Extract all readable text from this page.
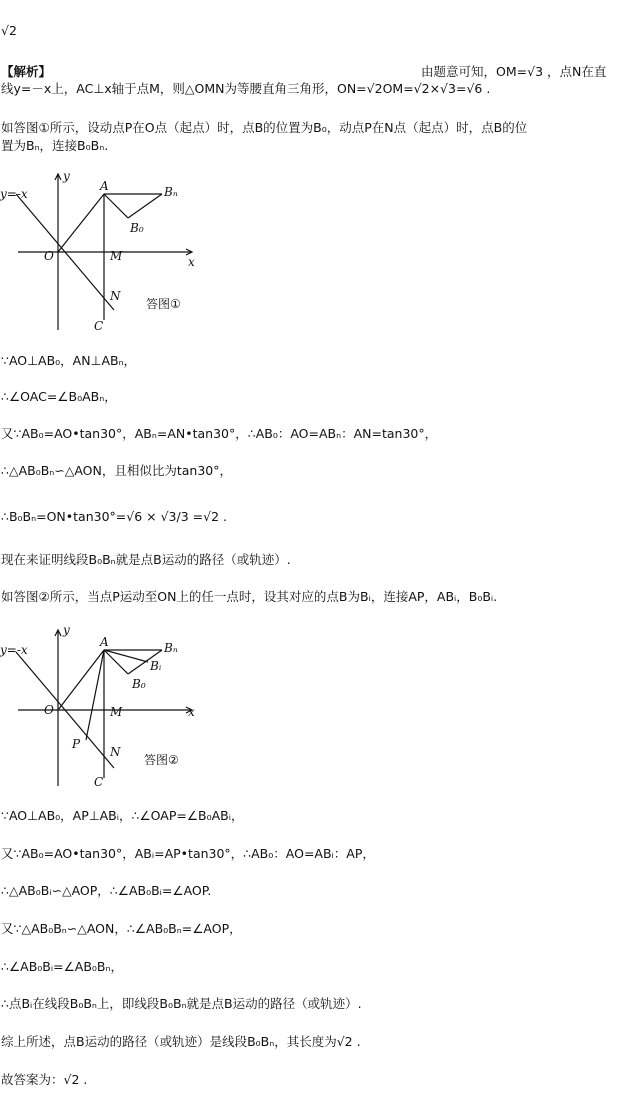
√2
【解析】	由题意可知，OM=√3 ，点N在直
线y=－x上，AC⊥x轴于点M，则△OMN为等腰直角三角形，ON=√2OM=√2×√3=√6 .
如答图①所示，设动点P在O点（起点）时，点B的位置为B₀，动点P在N点（起点）时，点B的位
置为Bₙ，连接B₀Bₙ.
y=-x
y
x
O
A	Bₙ
B₀
M
N
C
答图①
∵AO⊥AB₀，AN⊥ABₙ，
∴∠OAC=∠B₀ABₙ，
又∵AB₀=AO•tan30°，ABₙ=AN•tan30°，∴AB₀：AO=ABₙ：AN=tan30°，
∴△AB₀Bₙ∽△AON，且相似比为tan30°，
∴B₀Bₙ=ON•tan30°=√6 × √3/3 =√2 .
现在来证明线段B₀Bₙ就是点B运动的路径（或轨迹）.
如答图②所示，当点P运动至ON上的任一点时，设其对应的点B为Bᵢ，连接AP，ABᵢ，B₀Bᵢ.
y=-x
y
x
O
A	Bₙ
Bᵢ
B₀
M
P
N
C
答图②
∵AO⊥AB₀，AP⊥ABᵢ，∴∠OAP=∠B₀ABᵢ，
又∵AB₀=AO•tan30°，ABᵢ=AP•tan30°，∴AB₀：AO=ABᵢ：AP，
∴△AB₀Bᵢ∽△AOP，∴∠AB₀Bᵢ=∠AOP.
又∵△AB₀Bₙ∽△AON，∴∠AB₀Bₙ=∠AOP，
∴∠AB₀Bᵢ=∠AB₀Bₙ，
∴点Bᵢ在线段B₀Bₙ上，即线段B₀Bₙ就是点B运动的路径（或轨迹）.
综上所述，点B运动的路径（或轨迹）是线段B₀Bₙ，其长度为√2 .
故答案为：√2 .
